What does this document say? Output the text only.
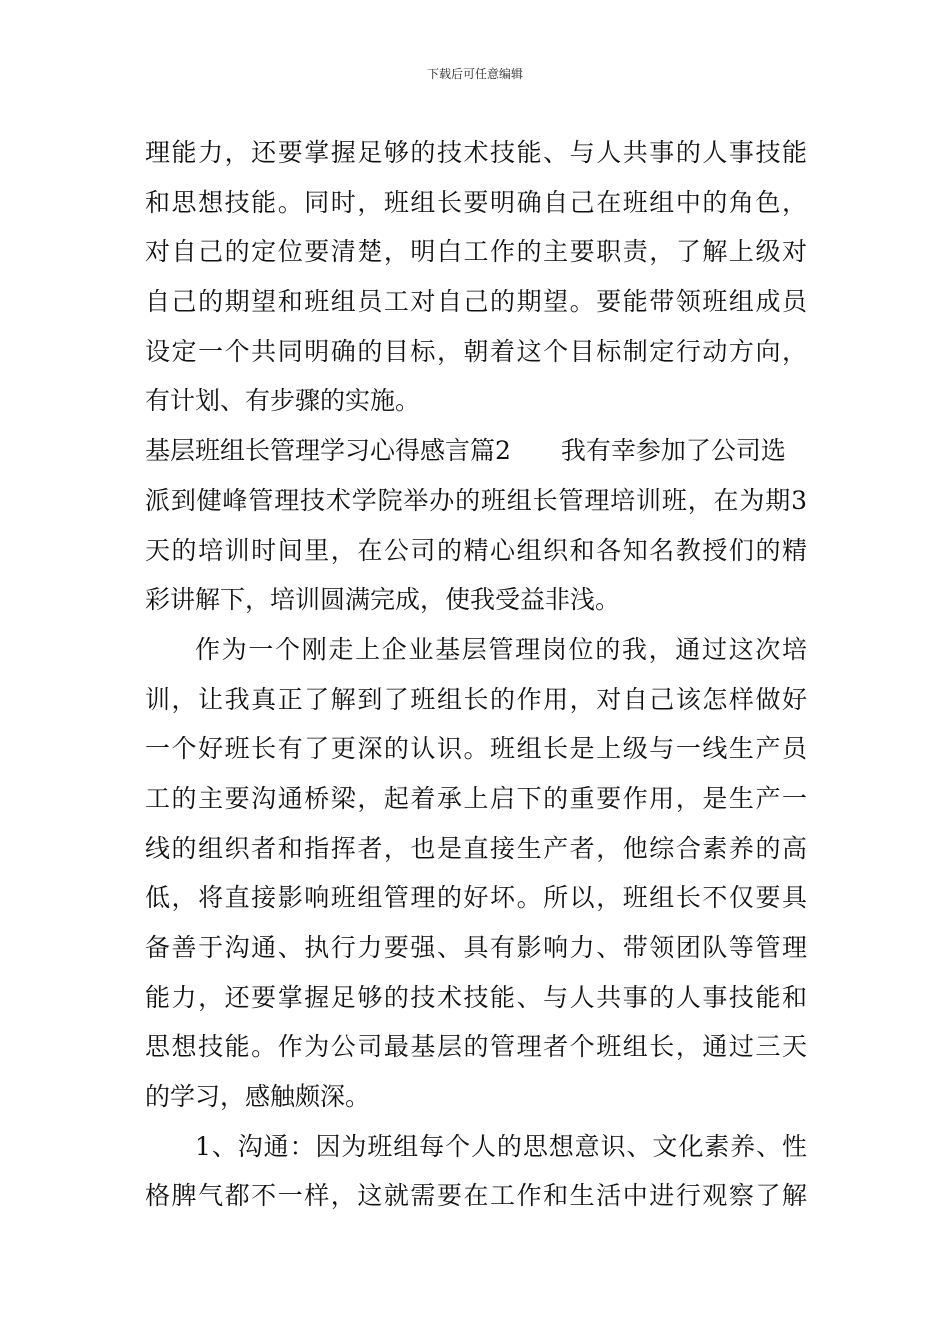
下载后可任意编辑
理能力，还要掌握足够的技术技能、与人共事的人事技能
和思想技能。同时，班组长要明确自己在班组中的角色，
对自己的定位要清楚，明白工作的主要职责，了解上级对
自己的期望和班组员工对自己的期望。要能带领班组成员
设定一个共同明确的目标，朝着这个目标制定行动方向，
有计划、有步骤的实施。
基层班组长管理学习心得感言篇2 我有幸参加了公司选
派到健峰管理技术学院举办的班组长管理培训班，在为期3
天的培训时间里，在公司的精心组织和各知名教授们的精
彩讲解下，培训圆满完成，使我受益非浅。
作为一个刚走上企业基层管理岗位的我，通过这次培
训，让我真正了解到了班组长的作用，对自己该怎样做好
一个好班长有了更深的认识。班组长是上级与一线生产员
工的主要沟通桥梁，起着承上启下的重要作用，是生产一
线的组织者和指挥者，也是直接生产者，他综合素养的高
低，将直接影响班组管理的好坏。所以，班组长不仅要具
备善于沟通、执行力要强、具有影响力、带领团队等管理
能力，还要掌握足够的技术技能、与人共事的人事技能和
思想技能。作为公司最基层的管理者个班组长，通过三天
的学习，感触颇深。
1、沟通：因为班组每个人的思想意识、文化素养、性
格脾气都不一样，这就需要在工作和生活中进行观察了解
